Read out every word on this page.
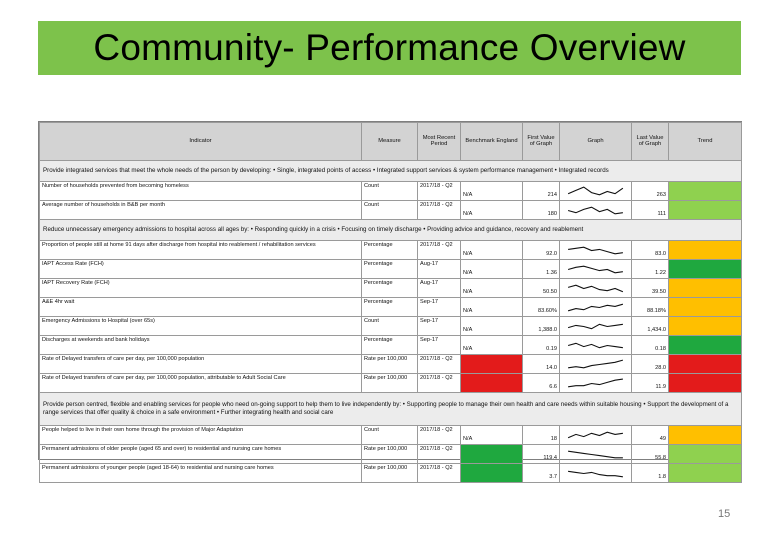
Community- Performance Overview
Indicator	Measure	Most Recent Period	Benchmark England	First Value of Graph	Graph	Last Value of Graph	Trend
Provide integrated services that meet the whole needs of the person by developing: • Single, integrated points of access • Integrated support services & system performance management • Integrated records							
Number of households prevented from becoming homeless	Count	2017/18 - Q2	N/A	214		263	
Average number of households in B&B per month	Count	2017/18 - Q2	N/A	180		111	
Reduce unnecessary emergency admissions to hospital across all ages by: • Responding quickly in a crisis • Focusing on timely discharge • Providing advice and guidance, recovery and reablement							
Proportion of people still at home 91 days after discharge from hospital into reablement / rehabilitation services	Percentage	2017/18 - Q2	N/A	92.0		83.0	
IAPT Access Rate (FCH)	Percentage	Aug-17	N/A	1.36		1.22	
IAPT Recovery Rate (FCH)	Percentage	Aug-17	N/A	50.50		39.50	
A&E 4hr wait	Percentage	Sep-17	N/A	83.60%		88.18%	
Emergency Admissions to Hospital (over 65s)	Count	Sep-17	N/A	1,388.0		1,434.0	
Discharges at weekends and bank holidays	Percentage	Sep-17	N/A	0.19		0.18	
Rate of Delayed transfers of care per day, per 100,000 population	Rate per 100,000	2017/18 - Q2		14.0		28.0	
Rate of Delayed transfers of care per day, per 100,000 population, attributable to Adult Social Care	Rate per 100,000	2017/18 - Q2		6.6		11.9	
Provide person centred, flexible and enabling services for people who need on-going support to help them to live independently by: • Supporting people to manage their own health and care needs within suitable housing • Support the development of a range services that offer quality & choice in a safe environment • Further integrating health and social care							
People helped to live in their own home through the provision of Major Adaptation	Count	2017/18 - Q2	N/A	18		49	
Permanent admissions of older people (aged 65 and over) to residential and nursing care homes	Rate per 100,000	2017/18 - Q2		119.4		55.8	
Permanent admissions of younger people (aged 18-64) to residential and nursing care homes	Rate per 100,000	2017/18 - Q2		3.7		1.8	
15
